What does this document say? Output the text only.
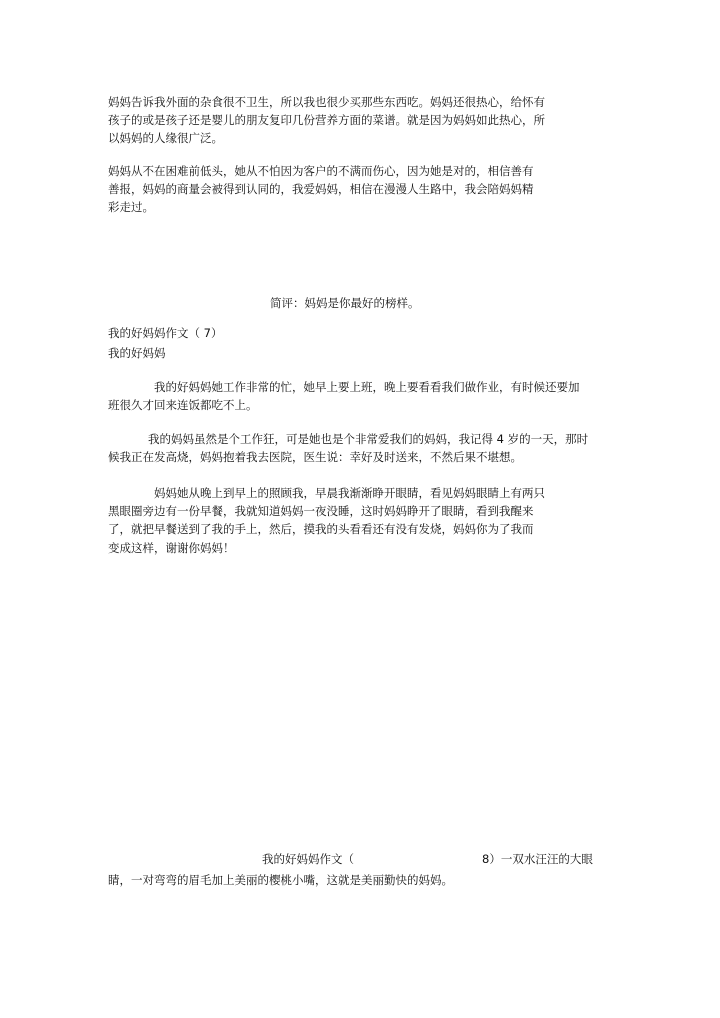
妈妈告诉我外面的杂食很不卫生，所以我也很少买那些东西吃。妈妈还很热心，给怀有
孩子的或是孩子还是婴儿的朋友复印几份营养方面的菜谱。就是因为妈妈如此热心，所
以妈妈的人缘很广泛。
妈妈从不在困难前低头，她从不怕因为客户的不满而伤心，因为她是对的，相信善有
善报，妈妈的商量会被得到认同的，我爱妈妈，相信在漫漫人生路中，我会陪妈妈精
彩走过。
简评：妈妈是你最好的榜样。
我的好妈妈作文（ 7）
我的好妈妈
我的好妈妈她工作非常的忙，她早上要上班，晚上要看看我们做作业，有时候还要加
班很久才回来连饭都吃不上。
我的妈妈虽然是个工作狂，可是她也是个非常爱我们的妈妈，我记得 4 岁的一天，那时
候我正在发高烧，妈妈抱着我去医院，医生说：幸好及时送来，不然后果不堪想。
妈妈她从晚上到早上的照顾我，早晨我渐渐睁开眼睛，看见妈妈眼睛上有两只
黑眼圈旁边有一份早餐，我就知道妈妈一夜没睡，这时妈妈睁开了眼睛，看到我醒来
了，就把早餐送到了我的手上，然后，摸我的头看看还有没有发烧，妈妈你为了我而
变成这样，谢谢你妈妈！
我的好妈妈作文（	8）一双水汪汪的大眼
睛，一对弯弯的眉毛加上美丽的樱桃小嘴，这就是美丽勤快的妈妈。
